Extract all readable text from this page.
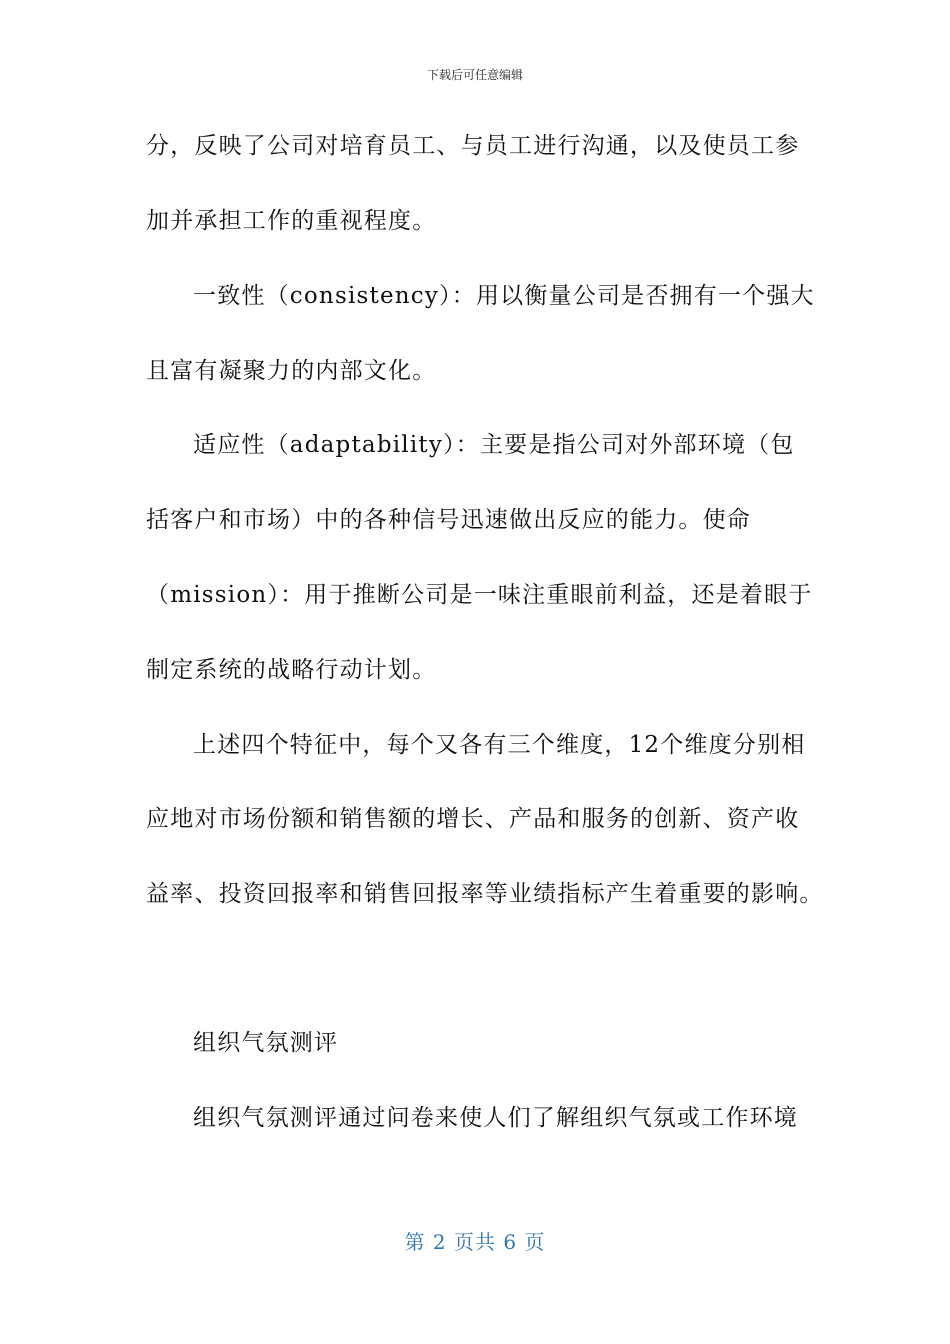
下载后可任意编辑
分，反映了公司对培育员工、与员工进行沟通，以及使员工参
加并承担工作的重视程度。
一致性（consistency）：用以衡量公司是否拥有一个强大
且富有凝聚力的内部文化。
适应性（adaptability）：主要是指公司对外部环境（包
括客户和市场）中的各种信号迅速做出反应的能力。使命
（mission）：用于推断公司是一味注重眼前利益，还是着眼于
制定系统的战略行动计划。
上述四个特征中，每个又各有三个维度，12个维度分别相
应地对市场份额和销售额的增长、产品和服务的创新、资产收
益率、投资回报率和销售回报率等业绩指标产生着重要的影响。
组织气氛测评
组织气氛测评通过问卷来使人们了解组织气氛或工作环境
第 2 页共 6 页
